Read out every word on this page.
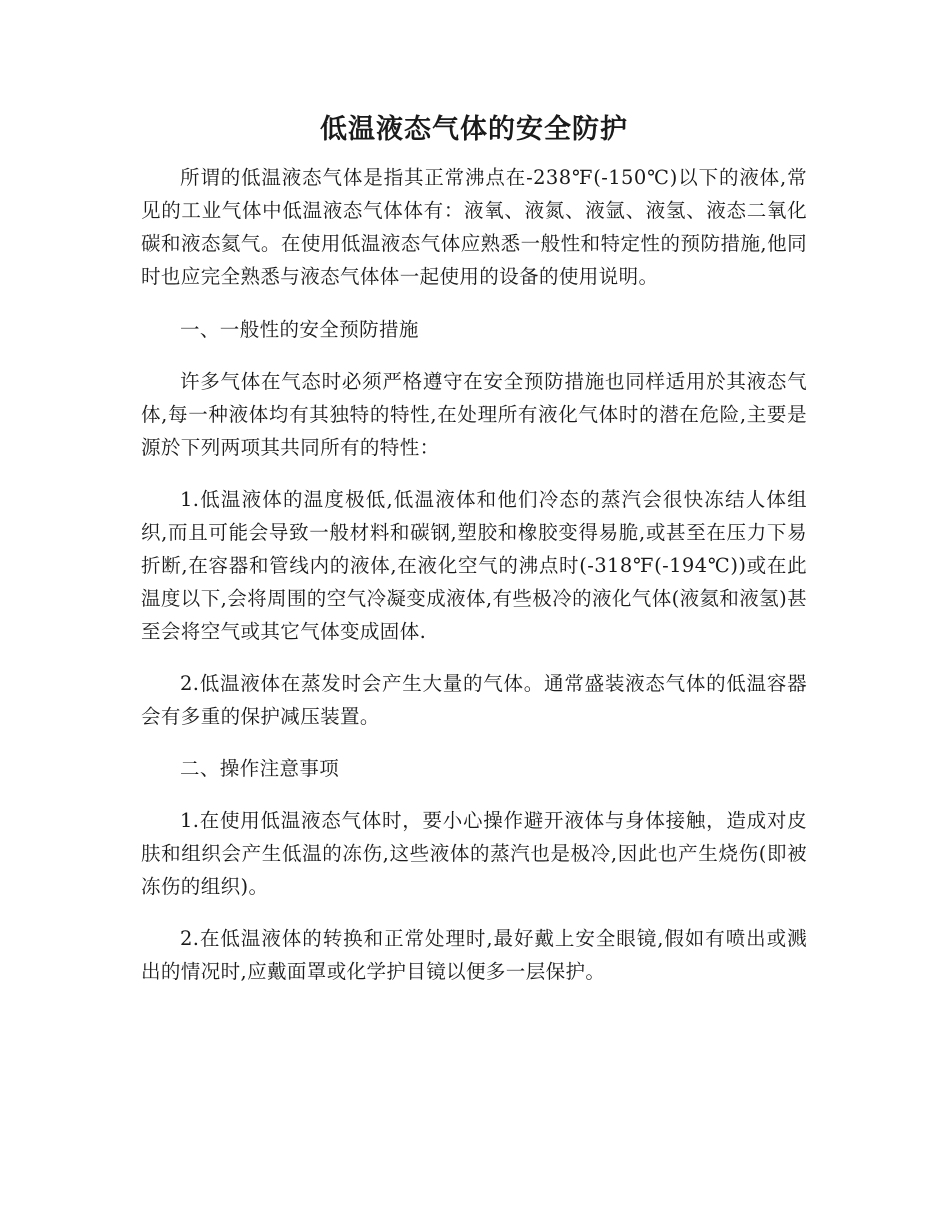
低温液态气体的安全防护

所谓的低温液态气体是指其正常沸点在-238℉(-150℃)以下的液体,常见的工业气体中低温液态气体体有：液氧、液氮、液氩、液氢、液态二氧化碳和液态氦气。在使用低温液态气体应熟悉一般性和特定性的预防措施,他同时也应完全熟悉与液态气体体一起使用的设备的使用说明。

一、一般性的安全预防措施

许多气体在气态时必须严格遵守在安全预防措施也同样适用於其液态气体,每一种液体均有其独特的特性,在处理所有液化气体时的潜在危险,主要是源於下列两项其共同所有的特性：

1.低温液体的温度极低,低温液体和他们冷态的蒸汽会很快冻结人体组织,而且可能会导致一般材料和碳钢,塑胶和橡胶变得易脆,或甚至在压力下易折断,在容器和管线内的液体,在液化空气的沸点时(-318℉(-194℃))或在此温度以下,会将周围的空气冷凝变成液体,有些极冷的液化气体(液氦和液氢)甚至会将空气或其它气体变成固体.

2.低温液体在蒸发时会产生大量的气体。通常盛装液态气体的低温容器会有多重的保护减压装置。

二、操作注意事项

1.在使用低温液态气体时，要小心操作避开液体与身体接触，造成对皮肤和组织会产生低温的冻伤,这些液体的蒸汽也是极冷,因此也产生烧伤(即被冻伤的组织)。

2.在低温液体的转换和正常处理时,最好戴上安全眼镜,假如有喷出或溅出的情况时,应戴面罩或化学护目镜以便多一层保护。
